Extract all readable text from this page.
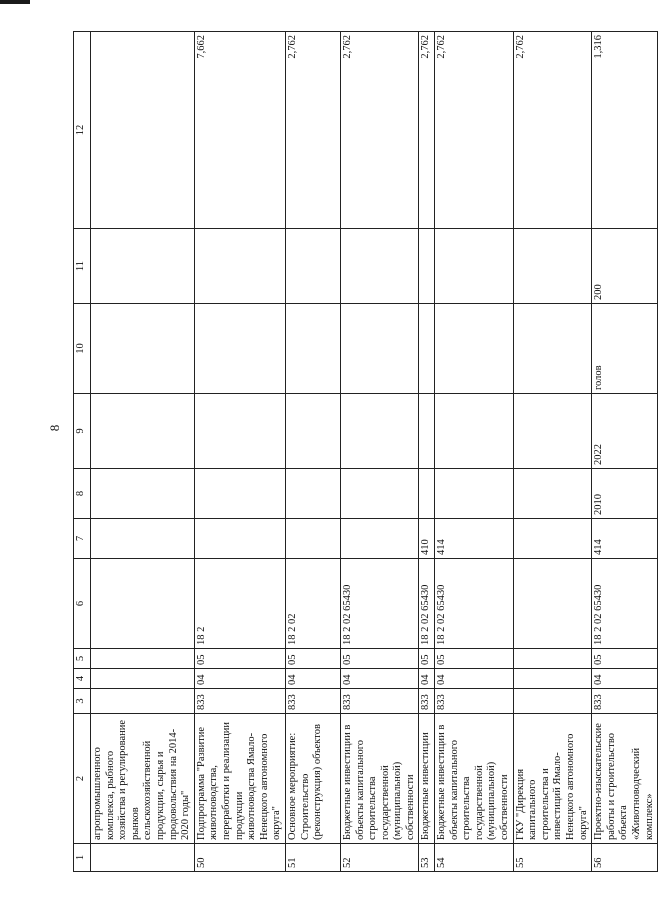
8
1	2	3	4	5	6	7	8	9	10	11	12
	агропромышленного комплекса, рыбного хозяйства и регулирование рынков сельскохозяйственной продукции, сырья и продовольствия на 2014-2020 годы"										
50	Подпрограмма "Развитие животноводства, переработки и реализации продукции животноводства Ямало-Ненецкого автономного округа"	833	04	05	18 2						7,662
51	Основное мероприятие: Строительство (реконструкция) объектов	833	04	05	18 2 02						2,762
52	Бюджетные инвестиции в объекты капитального строительства государственной (муниципальной) собственности	833	04	05	18 2 02 65430						2,762
53	Бюджетные инвестиции	833	04	05	18 2 02 65430	410					2,762
54	Бюджетные инвестиции в объекты капитального строительства государственной (муниципальной) собственности	833	04	05	18 2 02 65430	414					2,762
55	ГКУ "Дирекция капитального строительства и инвестиций Ямало-Ненецкого автономного округа"										2,762
56	Проектно-изыскательские работы и строительство объекта «Животноводческий комплекс»	833	04	05	18 2 02 65430	414	2010	2022	голов	200	1,316
